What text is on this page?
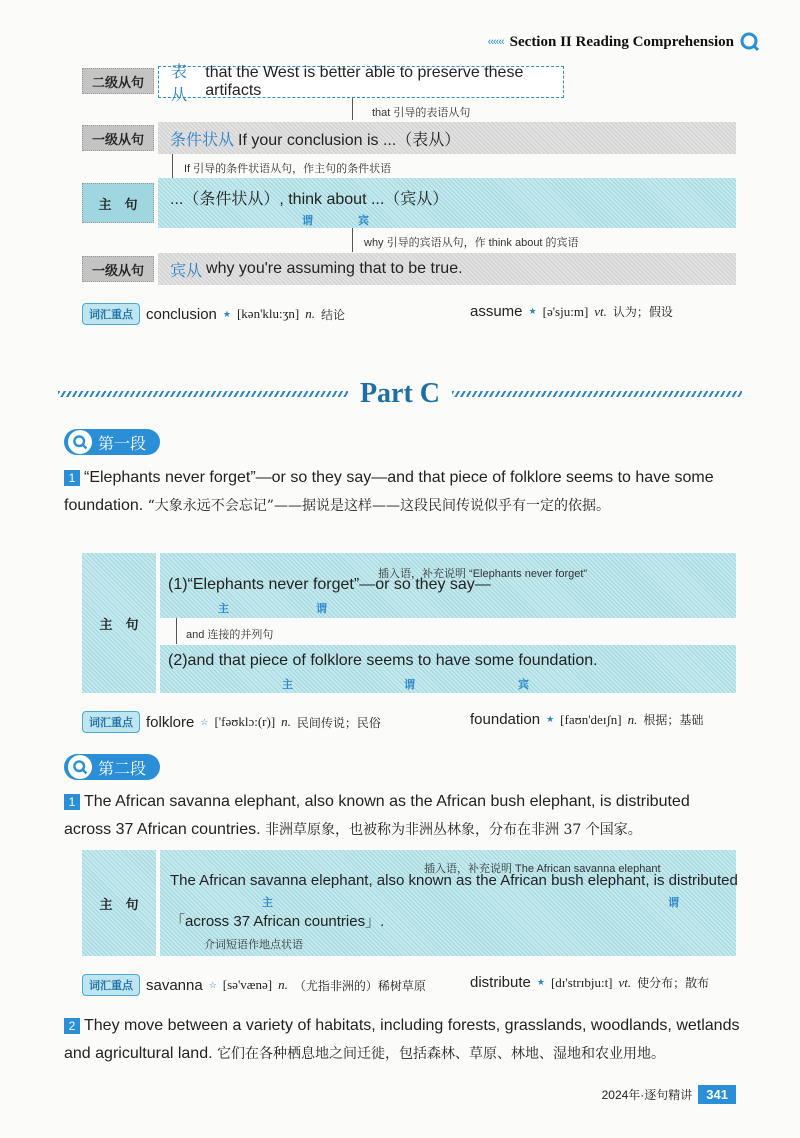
‹‹‹‹‹‹ Section II Reading Comprehension
二级从句
表从
that the West is better able to preserve these artifacts
that 引导的表语从句
一级从句	条件状从 If your conclusion is ...（表从）
If 引导的条件状语从句，作主句的条件状语
主　句	...（条件状从）, think about ...（宾从）
谓	宾
why 引导的宾语从句，作 think about 的宾语
一级从句	宾从 why you're assuming that to be true.
词汇重点 conclusion ★ [kən'klu:ʒn] n. 结论	assume ★ [ə'sju:m] vt. 认为；假设
Part C
第一段
1 “Elephants never forget”—or so they say—and that piece of folklore seems to have some foundation. “大象永远不会忘记”——据说是这样——这段民间传说似乎有一定的依据。
主　句
插入语，补充说明 “Elephants never forget”
(1)“Elephants never forget”—or so they say—
主	谓
and 连接的并列句
(2)and that piece of folklore seems to have some foundation.
主	谓	宾
词汇重点 folklore ☆ ['fəʊklɔ:(r)] n. 民间传说；民俗	foundation ★ [faʊn'deɪʃn] n. 根据；基础
第二段
1 The African savanna elephant, also known as the African bush elephant, is distributed across 37 African countries. 非洲草原象，也被称为非洲丛林象，分布在非洲 37 个国家。
主　句
插入语，补充说明 The African savanna elephant
The African savanna elephant, also known as the African bush elephant, is distributed
主	谓
「across 37 African countries」.
介词短语作地点状语
词汇重点 savanna ☆ [sə'vænə] n. （尤指非洲的）稀树草原	distribute ★ [dɪ'strɪbju:t] vt. 使分布；散布
2 They move between a variety of habitats, including forests, grasslands, woodlands, wetlands and agricultural land. 它们在各种栖息地之间迁徙，包括森林、草原、林地、湿地和农业用地。
2024年·逐句精讲	341
